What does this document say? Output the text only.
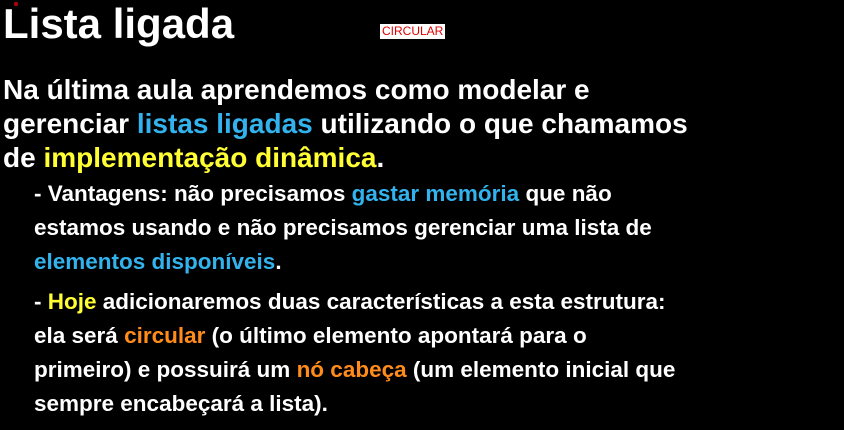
Lista ligada	CIRCULAR
Na última aula aprendemos como modelar e
gerenciar listas ligadas utilizando o que chamamos
de implementação dinâmica.
- Vantagens: não precisamos gastar memória que não
estamos usando e não precisamos gerenciar uma lista de
elementos disponíveis.
- Hoje adicionaremos duas características a esta estrutura:
ela será circular (o último elemento apontará para o
primeiro) e possuirá um nó cabeça (um elemento inicial que
sempre encabeçará a lista).
